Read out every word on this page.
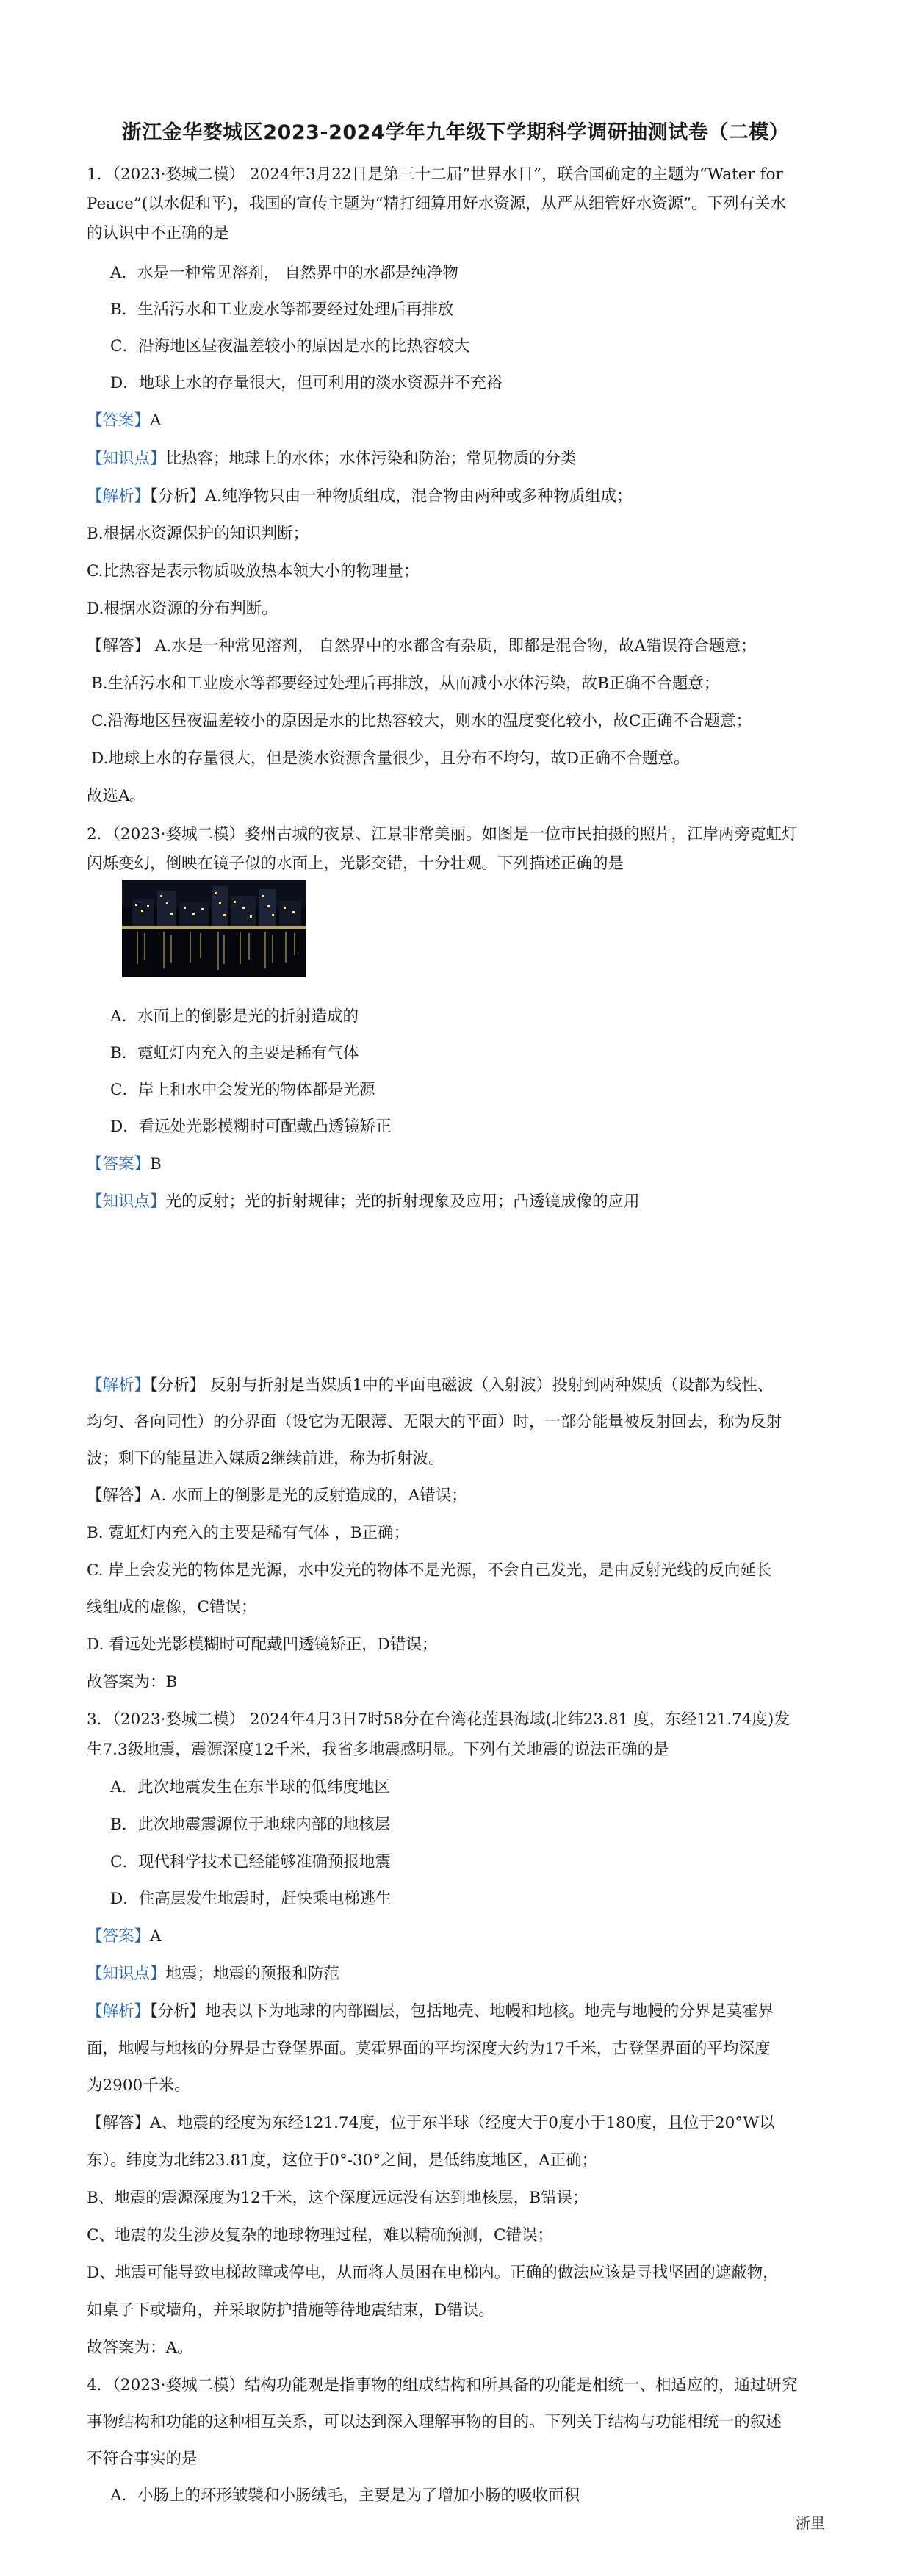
浙江金华婺城区2023-2024学年九年级下学期科学调研抽测试卷（二模）
1．（2023·婺城二模） 2024年3月22日是第三十二届“世界水日”，联合国确定的主题为“Water for
Peace”(以水促和平)，我国的宣传主题为“精打细算用好水资源，从严从细管好水资源”。下列有关水
的认识中不正确的是
A．水是一种常见溶剂， 自然界中的水都是纯净物
B．生活污水和工业废水等都要经过处理后再排放
C．沿海地区昼夜温差较小的原因是水的比热容较大
D．地球上水的存量很大，但可利用的淡水资源并不充裕
【答案】A
【知识点】比热容；地球上的水体；水体污染和防治；常见物质的分类
【解析】【分析】A.纯净物只由一种物质组成，混合物由两种或多种物质组成；
B.根据水资源保护的知识判断；
C.比热容是表示物质吸放热本领大小的物理量；
D.根据水资源的分布判断。
【解答】 A.水是一种常见溶剂， 自然界中的水都含有杂质，即都是混合物，故A错误符合题意；
B.生活污水和工业废水等都要经过处理后再排放，从而减小水体污染，故B正确不合题意；
C.沿海地区昼夜温差较小的原因是水的比热容较大，则水的温度变化较小，故C正确不合题意；
D.地球上水的存量很大，但是淡水资源含量很少，且分布不均匀，故D正确不合题意。
故选A。
2．（2023·婺城二模）婺州古城的夜景、江景非常美丽。如图是一位市民拍摄的照片，江岸两旁霓虹灯
闪烁变幻，倒映在镜子似的水面上，光影交错，十分壮观。下列描述正确的是
A．水面上的倒影是光的折射造成的
B．霓虹灯内充入的主要是稀有气体
C．岸上和水中会发光的物体都是光源
D．看远处光影模糊时可配戴凸透镜矫正
【答案】B
【知识点】光的反射；光的折射规律；光的折射现象及应用；凸透镜成像的应用
【解析】【分析】 反射与折射是当媒质1中的平面电磁波（入射波）投射到两种媒质（设都为线性、
均匀、各向同性）的分界面（设它为无限薄、无限大的平面）时，一部分能量被反射回去，称为反射
波；剩下的能量进入媒质2继续前进，称为折射波。
【解答】A. 水面上的倒影是光的反射造成的，A错误；
B. 霓虹灯内充入的主要是稀有气体 ，B正确；
C. 岸上会发光的物体是光源，水中发光的物体不是光源，不会自己发光，是由反射光线的反向延长
线组成的虚像，C错误；
D. 看远处光影模糊时可配戴凹透镜矫正，D错误；
故答案为：B
3．（2023·婺城二模） 2024年4月3日7时58分在台湾花莲县海域(北纬23.81 度，东经121.74度)发
生7.3级地震，震源深度12千米，我省多地震感明显。下列有关地震的说法正确的是
A．此次地震发生在东半球的低纬度地区
B．此次地震震源位于地球内部的地核层
C．现代科学技术已经能够准确预报地震
D．住高层发生地震时，赶快乘电梯逃生
【答案】A
【知识点】地震；地震的预报和防范
【解析】【分析】地表以下为地球的内部圈层，包括地壳、地幔和地核。地壳与地幔的分界是莫霍界
面，地幔与地核的分界是古登堡界面。莫霍界面的平均深度大约为17千米，古登堡界面的平均深度
为2900千米。
【解答】A、地震的经度为东经121.74度，位于东半球（经度大于0度小于180度，且位于20°W以
东）。纬度为北纬23.81度，这位于0°-30°之间，是低纬度地区，A正确；
B、地震的震源深度为12千米，这个深度远远没有达到地核层，B错误；
C、地震的发生涉及复杂的地球物理过程，难以精确预测，C错误；
D、地震可能导致电梯故障或停电，从而将人员困在电梯内。正确的做法应该是寻找坚固的遮蔽物，
如桌子下或墙角，并采取防护措施等待地震结束，D错误。
故答案为：A。
4．（2023·婺城二模）结构功能观是指事物的组成结构和所具备的功能是相统一、相适应的，通过研究
事物结构和功能的这种相互关系，可以达到深入理解事物的目的。下列关于结构与功能相统一的叙述
不符合事实的是
A．小肠上的环形皱襞和小肠绒毛，主要是为了增加小肠的吸收面积
浙里
